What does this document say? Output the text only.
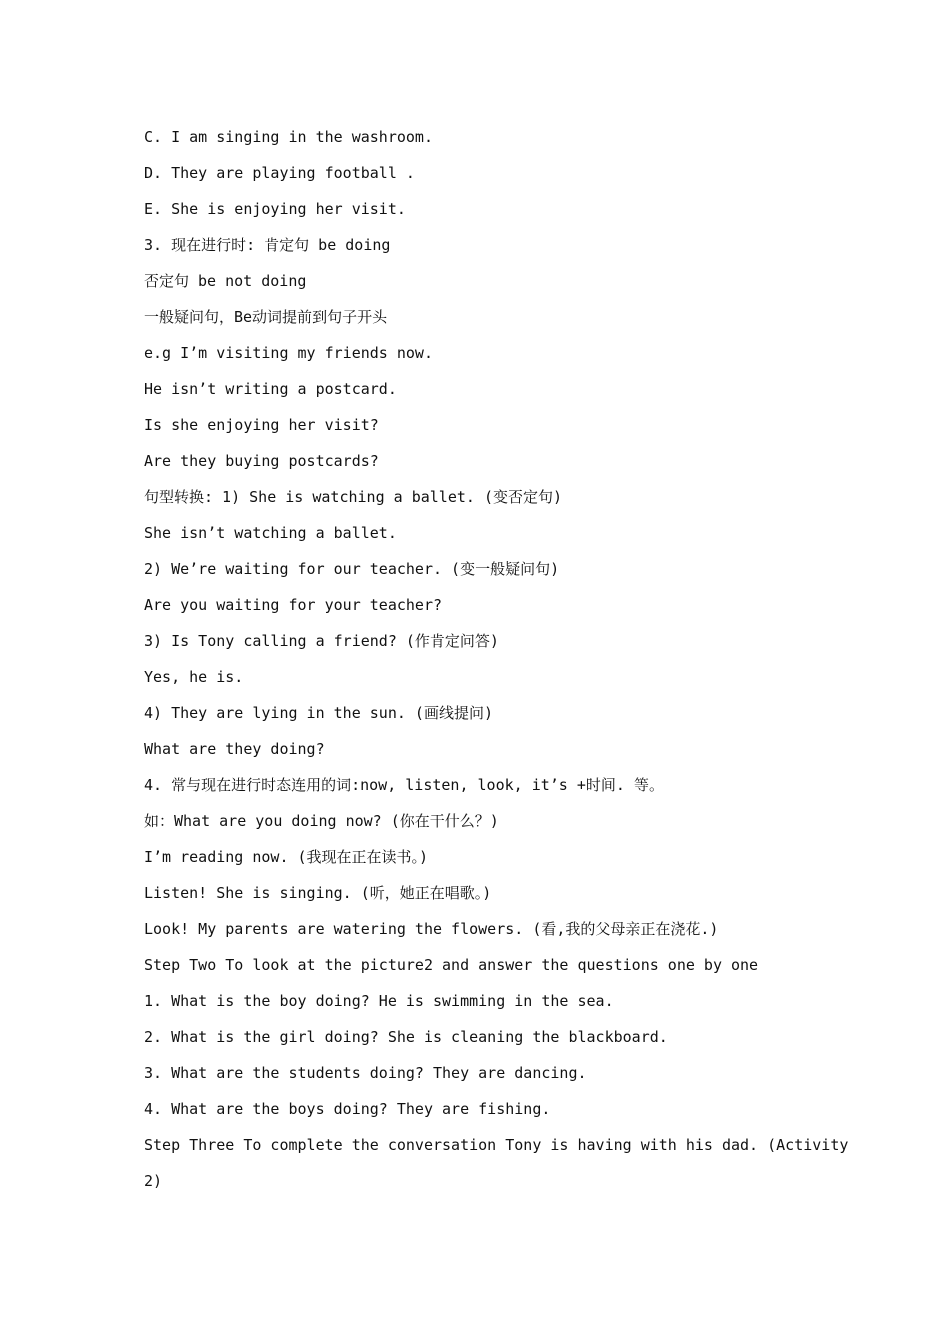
C. I am singing in the washroom.
D. They are playing football .
E. She is enjoying her visit.
3. 现在进行时: 肯定句 be doing
否定句 be not doing
一般疑问句，Be动词提前到句子开头
e.g I’m visiting my friends now.
He isn’t writing a postcard.
Is she enjoying her visit?
Are they buying postcards?
句型转换: 1) She is watching a ballet. (变否定句)
She isn’t watching a ballet.
2) We’re waiting for our teacher. (变一般疑问句)
Are you waiting for your teacher?
3) Is Tony calling a friend? (作肯定问答)
Yes, he is.
4) They are lying in the sun. (画线提问)
What are they doing?
4. 常与现在进行时态连用的词:now, listen, look, it’s +时间. 等。
如：What are you doing now? (你在干什么？)
I’m reading now. (我现在正在读书。)
Listen! She is singing. (听，她正在唱歌。)
Look! My parents are watering the flowers. (看,我的父母亲正在浇花.)
Step Two To look at the picture2 and answer the questions one by one
1. What is the boy doing? He is swimming in the sea.
2. What is the girl doing? She is cleaning the blackboard.
3. What are the students doing? They are dancing.
4. What are the boys doing? They are fishing.
Step Three To complete the conversation Tony is having with his dad. (Activity
2)
